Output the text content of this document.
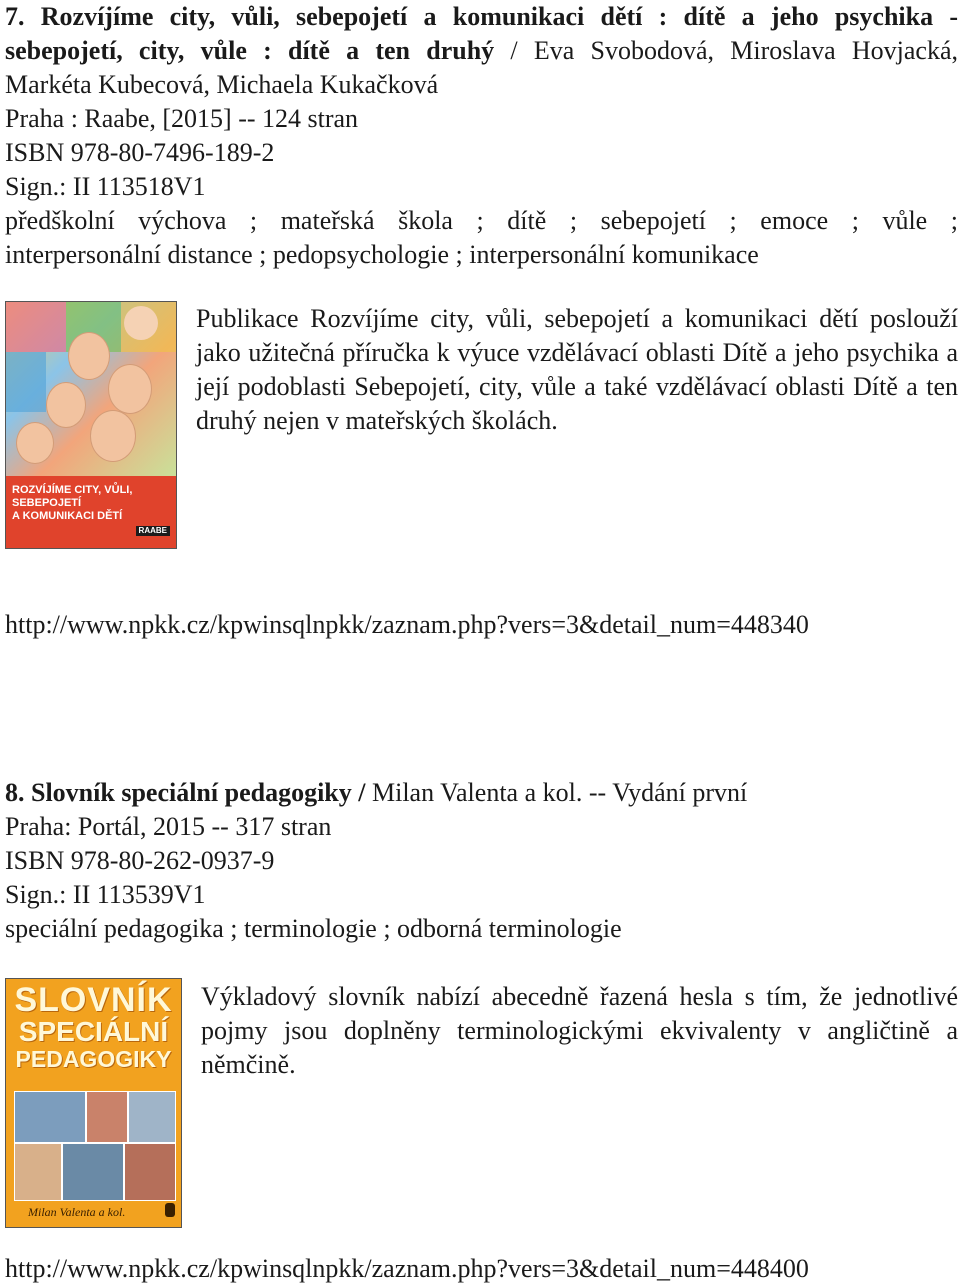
7. Rozvíjíme city, vůli, sebepojetí a komunikaci dětí : dítě a jeho psychika -
sebepojetí, city, vůle : dítě a ten druhý / Eva Svobodová, Miroslava Hovjacká,
Markéta Kubecová, Michaela Kukačková
Praha : Raabe, [2015] -- 124 stran
ISBN 978-80-7496-189-2
Sign.: II 113518V1
předškolní výchova ; mateřská škola ; dítě ; sebepojetí ; emoce ; vůle ;
interpersonální distance ; pedopsychologie ; interpersonální komunikace
ROZVÍJÍME CITY, VŮLI,
SEBEPOJETÍ
A KOMUNIKACI DĚTÍ
RAABE
Publikace Rozvíjíme city, vůli, sebepojetí a komunikaci dětí poslouží jako užitečná příručka k výuce vzdělávací oblasti Dítě a jeho psychika a její podoblasti Sebepojetí, city, vůle a také vzdělávací oblasti Dítě a ten druhý nejen v mateřských školách.
http://www.npkk.cz/kpwinsqlnpkk/zaznam.php?vers=3&detail_num=448340
8. Slovník speciální pedagogiky / Milan Valenta a kol. -- Vydání první
Praha: Portál, 2015 -- 317 stran
ISBN 978-80-262-0937-9
Sign.: II 113539V1
speciální pedagogika ; terminologie ; odborná terminologie
SLOVNÍK
SPECIÁLNÍ
PEDAGOGIKY
Milan Valenta a kol.
Výkladový slovník nabízí abecedně řazená hesla s tím, že jednotlivé pojmy jsou doplněny terminologickými ekvivalenty v angličtině a němčině.
http://www.npkk.cz/kpwinsqlnpkk/zaznam.php?vers=3&detail_num=448400
